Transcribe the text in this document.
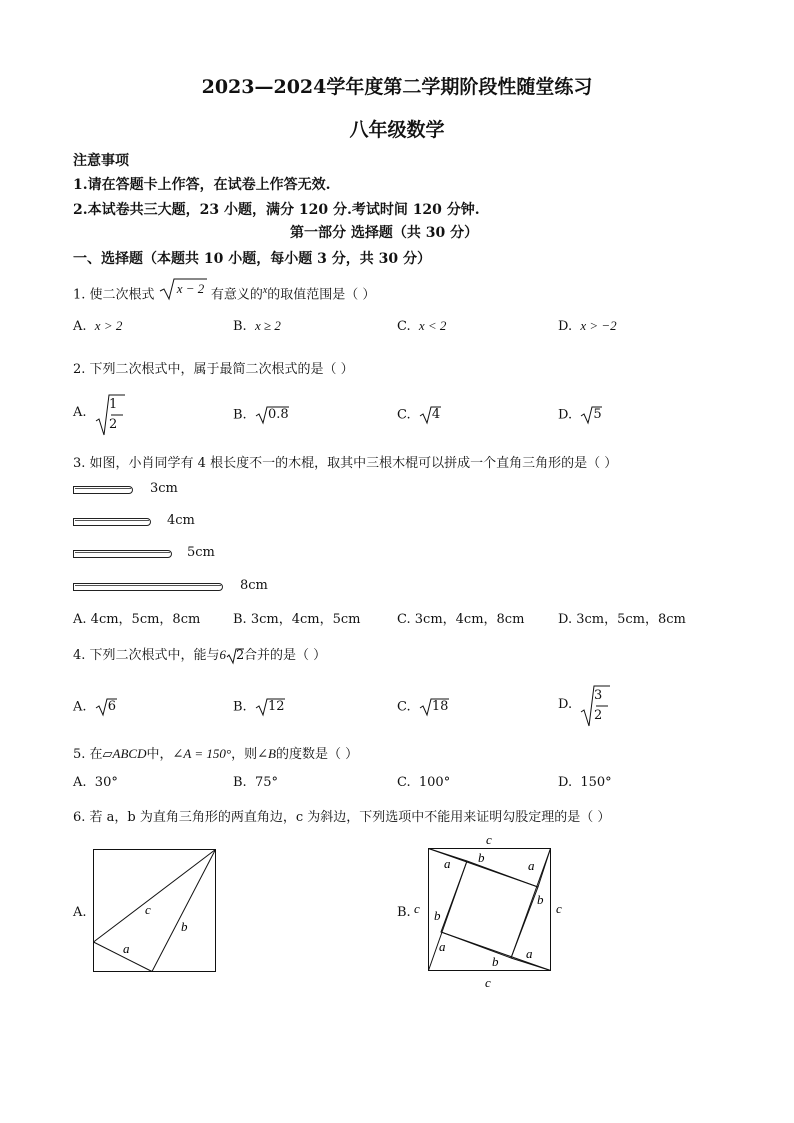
2023—2024学年度第二学期阶段性随堂练习
八年级数学
注意事项
1.请在答题卡上作答，在试卷上作答无效.
2.本试卷共三大题，23 小题，满分 120 分.考试时间 120 分钟.
第一部分 选择题（共 30 分）
一、选择题（本题共 10 小题，每小题 3 分，共 30 分）
1. 使二次根式 x − 2 有意义的$^x$的取值范围是（ ）
A. x > 2	B. x ≥ 2	C. x < 2	D. x > −2
2. 下列二次根式中，属于最简二次根式的是（ ）
A.
1
2
B. 0.8	C. 4	D. 5
3. 如图，小肖同学有 4 根长度不一的木棍，取其中三根木棍可以拼成一个直角三角形的是（ ）
3cm
4cm
5cm
8cm
A. 4cm，5cm，8cm	B. 3cm，4cm，5cm	C. 3cm，4cm，8cm	D. 3cm，5cm，8cm
4. 下列二次根式中，能与6 2 合并的是（ ）
A. 6	B. 12	C. 18	D.
3
2
5. 在▱ABCD中，∠A = 150°，则∠B的度数是（ ）
A. 30°	B. 75°	C. 100°	D. 150°
6. 若 a，b 为直角三角形的两直角边，c 为斜边，下列选项中不能用来证明勾股定理的是（ ）
A.	c
b
a
B.
c
a b
a
b
c
c b
a
b
a
c
